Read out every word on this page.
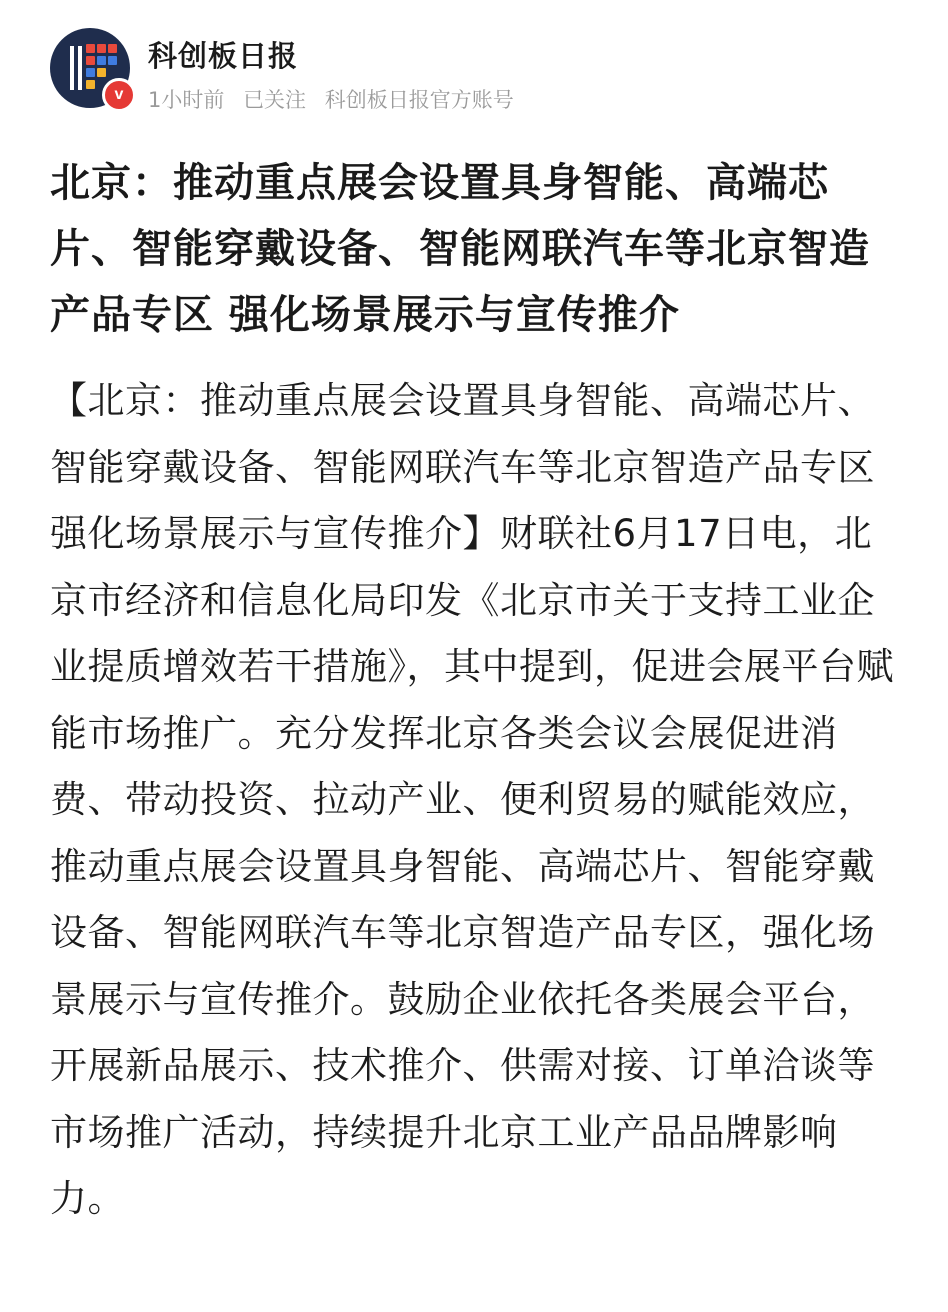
v
科创板日报
1小时前 已关注 科创板日报官方账号
北京：推动重点展会设置具身智能、高端芯片、智能穿戴设备、智能网联汽车等北京智造产品专区 强化场景展示与宣传推介
【北京：推动重点展会设置具身智能、高端芯片、智能穿戴设备、智能网联汽车等北京智造产品专区 强化场景展示与宣传推介】财联社6月17日电，北京市经济和信息化局印发《北京市关于支持工业企业提质增效若干措施》，其中提到，促进会展平台赋能市场推广。充分发挥北京各类会议会展促进消费、带动投资、拉动产业、便利贸易的赋能效应，推动重点展会设置具身智能、高端芯片、智能穿戴设备、智能网联汽车等北京智造产品专区，强化场景展示与宣传推介。鼓励企业依托各类展会平台，开展新品展示、技术推介、供需对接、订单洽谈等市场推广活动，持续提升北京工业产品品牌影响力。
